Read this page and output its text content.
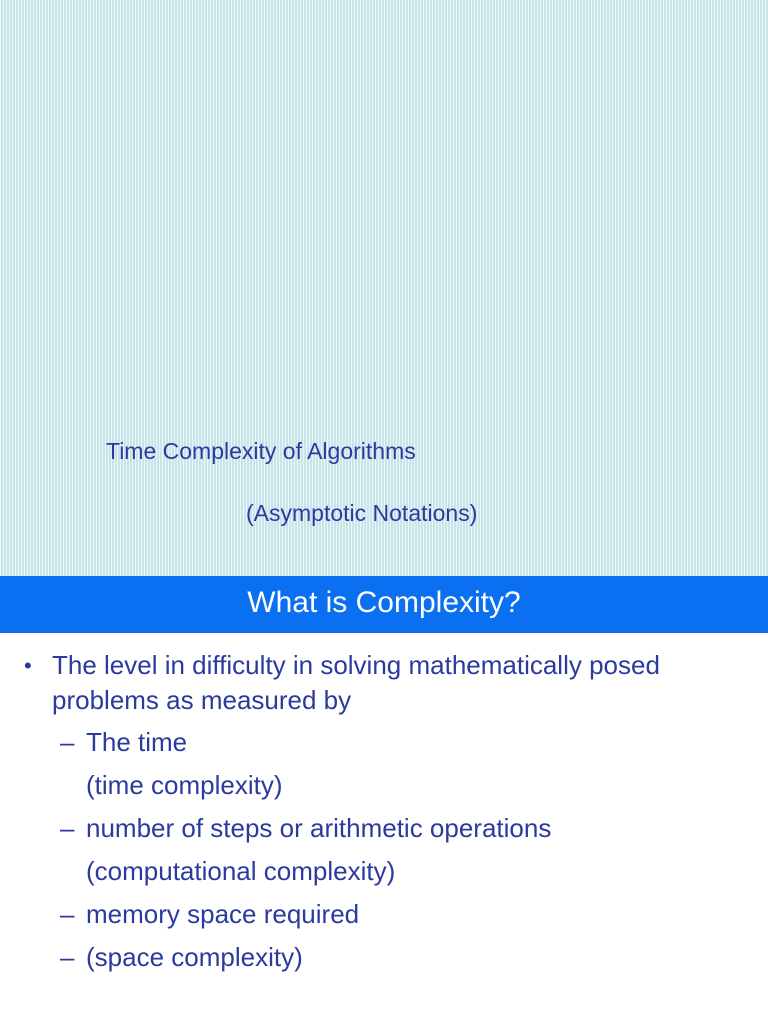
Time Complexity of Algorithms
(Asymptotic Notations)
What is Complexity?
• The level in difficulty in solving mathematically posed problems as measured by
– The time
(time complexity)
– number of steps or arithmetic operations
(computational complexity)
– memory space required
– (space complexity)
